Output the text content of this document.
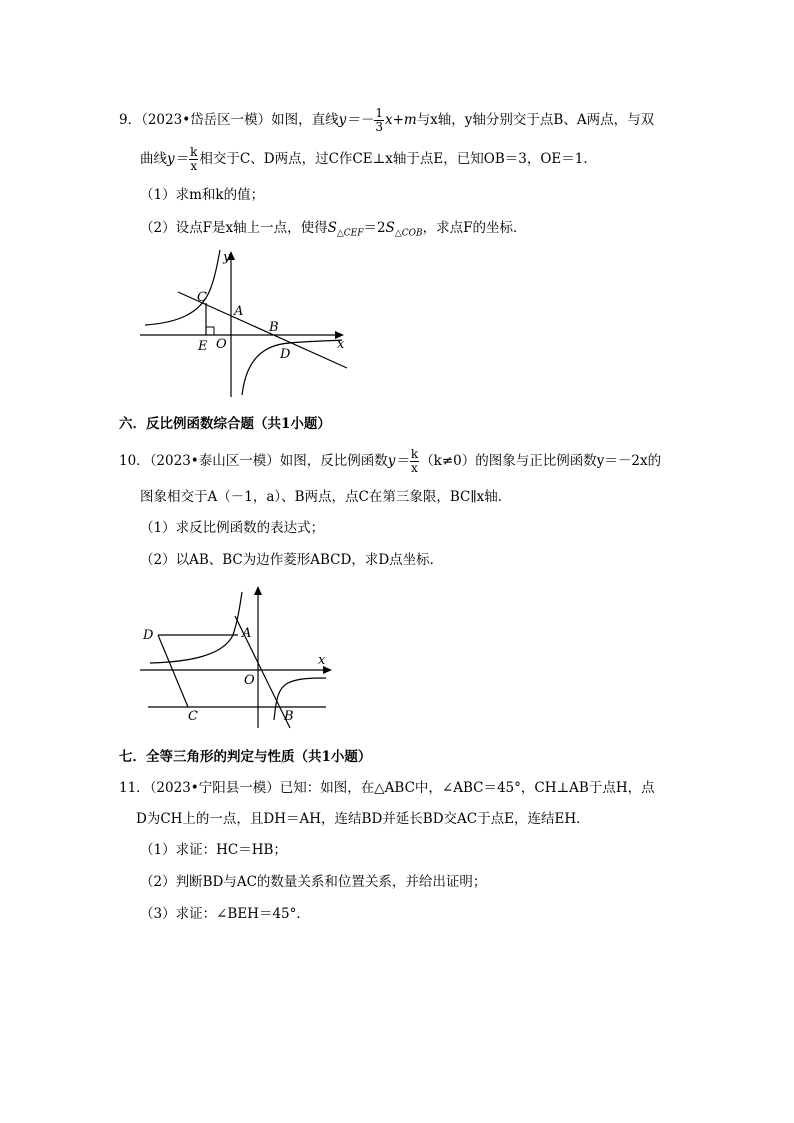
9．（2023•岱岳区一模）如图，直线$y=- \frac{1}{3} x+m$与x轴，y轴分别交于点B、A两点，与双
曲线$y= \frac{k}{x}$ 相交于C、D两点，过C作CE⊥x轴于点E，已知OB＝3，OE＝1．
（1）求m和k的值；
（2）设点F是x轴上一点，使得$S_{\triangle CEF}=2S_{\triangle COB}$，求点F的坐标．
y
x
C
A
B
E O
D
六．反比例函数综合题（共1小题）
10．（2023•泰山区一模）如图，反比例函数$y= \frac{k}{x} (k\ne 0)$的图象与正比例函数y＝－2x的
图象相交于A（－1，a）、B两点，点C在第三象限，BC∥x轴．
（1）求反比例函数的表达式；
（2）以AB、BC为边作菱形ABCD，求D点坐标．
x
D	A
O
C	B
七．全等三角形的判定与性质（共1小题）
11．（2023•宁阳县一模）已知：如图，在△ABC中，∠ABC＝45°，CH⊥AB于点H，点
D为CH上的一点，且DH＝AH，连结BD并延长BD交AC于点E，连结EH．
（1）求证：HC＝HB；
（2）判断BD与AC的数量关系和位置关系，并给出证明；
（3）求证：∠BEH＝45°．
